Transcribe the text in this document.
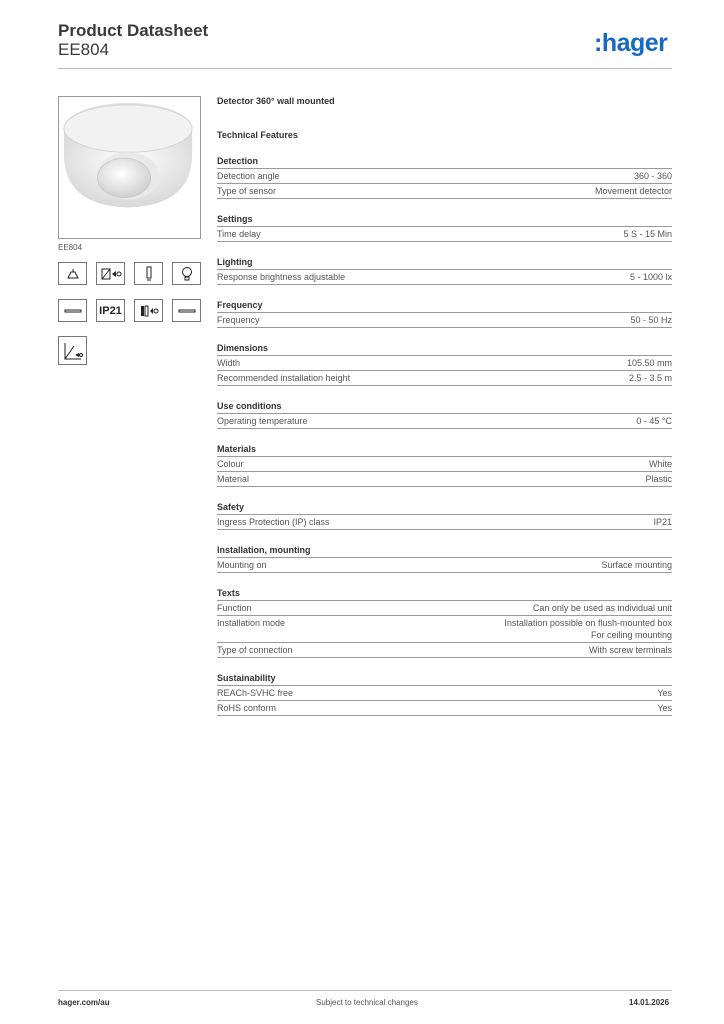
Product Datasheet
EE804	:hager
EE804
IP21
Detector 360° wall mounted
Technical Features
Detection
Detection angle	360 - 360
Type of sensor	Movement detector
Settings
Time delay	5 S - 15 Min
Lighting
Response brightness adjustable	5 - 1000 lx
Frequency
Frequency	50 - 50 Hz
Dimensions
Width	105.50 mm
Recommended installation height	2.5 - 3.5 m
Use conditions
Operating temperature	0 - 45 °C
Materials
Colour	White
Material	Plastic
Safety
Ingress Protection (IP) class	IP21
Installation, mounting
Mounting on	Surface mounting
Texts
Function	Can only be used as individual unit
Installation mode	Installation possible on flush-mounted box
For ceiling mounting
Type of connection	With screw terminals
Sustainability
REACh-SVHC free	Yes
RoHS conform	Yes
hager.com/au	Subject to technical changes	14.01.2026
